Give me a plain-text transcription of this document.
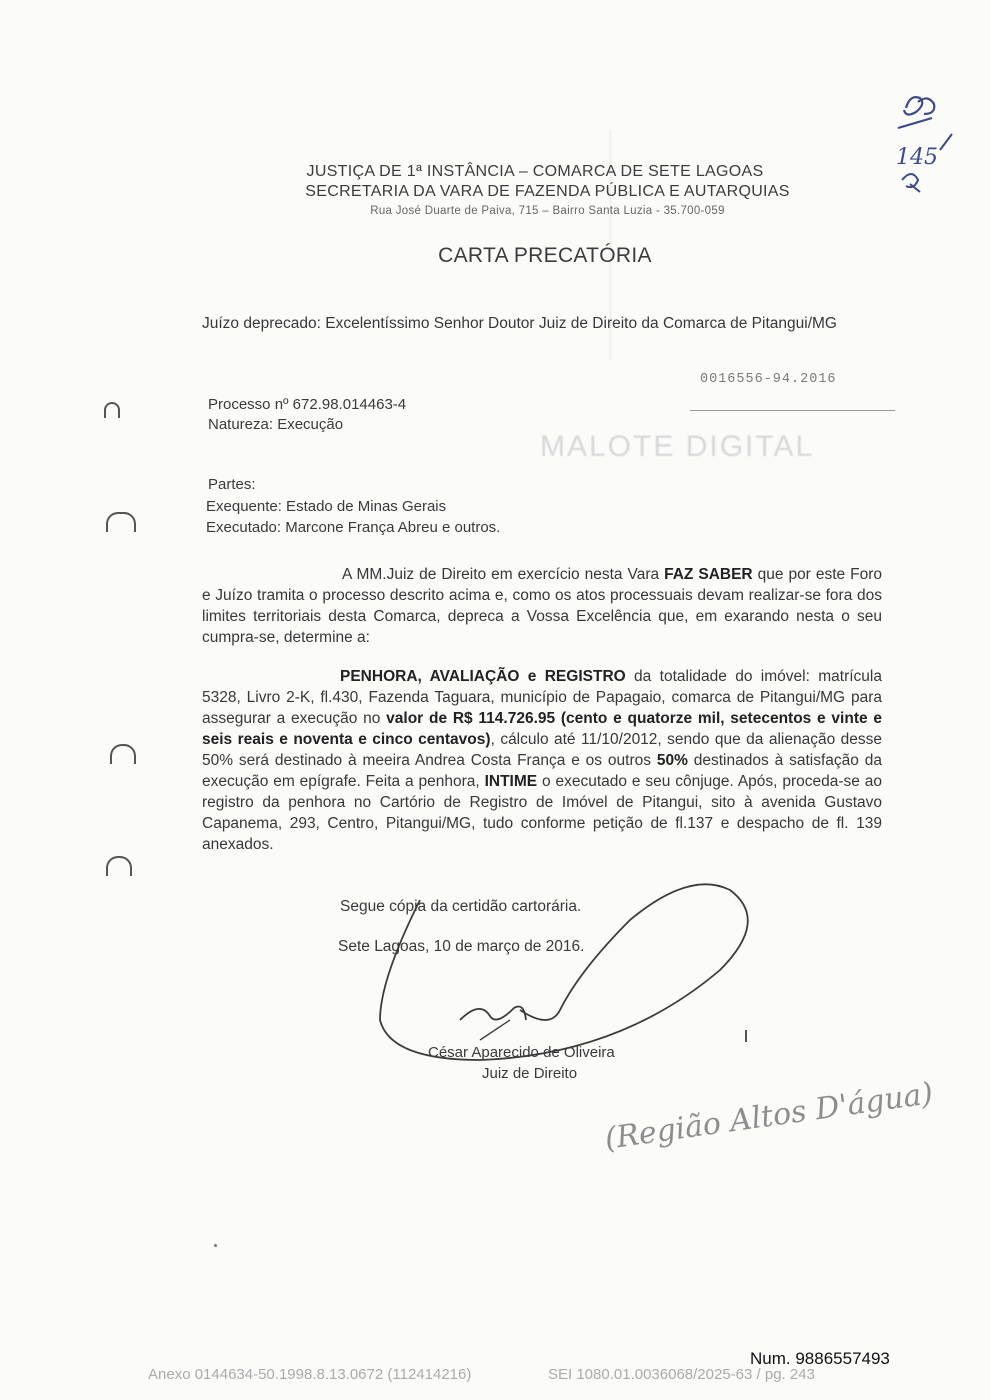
MALOTE DIGITAL
145
JUSTIÇA DE 1ª INSTÂNCIA – COMARCA DE SETE LAGOAS
SECRETARIA DA VARA DE FAZENDA PÚBLICA E AUTARQUIAS
Rua José Duarte de Paiva, 715 – Bairro Santa Luzia - 35.700-059
CARTA PRECATÓRIA
Juízo deprecado: Excelentíssimo Senhor Doutor Juiz de Direito da Comarca de Pitangui/MG
0016556-94.2016
Processo nº 672.98.014463-4
Natureza: Execução
Partes:
Exequente: Estado de Minas Gerais
Executado: Marcone França Abreu e outros.
A MM.Juiz de Direito em exercício nesta Vara FAZ SABER que por este Foro e Juízo tramita o processo descrito acima e, como os atos processuais devam realizar-se fora dos limites territoriais desta Comarca, depreca a Vossa Excelência que, em exarando nesta o seu cumpra-se, determine a:
PENHORA, AVALIAÇÃO e REGISTRO da totalidade do imóvel: matrícula 5328, Livro 2-K, fl.430, Fazenda Taguara, município de Papagaio, comarca de Pitangui/MG para assegurar a execução no valor de R$ 114.726.95 (cento e quatorze mil, setecentos e vinte e seis reais e noventa e cinco centavos), cálculo até 11/10/2012, sendo que da alienação desse 50% será destinado à meeira Andrea Costa França e os outros 50% destinados à satisfação da execução em epígrafe. Feita a penhora, INTIME o executado e seu cônjuge. Após, proceda-se ao registro da penhora no Cartório de Registro de Imóvel de Pitangui, sito à avenida Gustavo Capanema, 293, Centro, Pitangui/MG, tudo conforme petição de fl.137 e despacho de fl. 139 anexados.
Segue cópia da certidão cartorária.
Sete Lagoas, 10 de março de 2016.
César Aparecido de Oliveira
Juiz de Direito
(Região Altos D'água)
Num. 9886557493
Anexo 0144634-50.1998.8.13.0672 (112414216)	SEI 1080.01.0036068/2025-63 / pg. 243
